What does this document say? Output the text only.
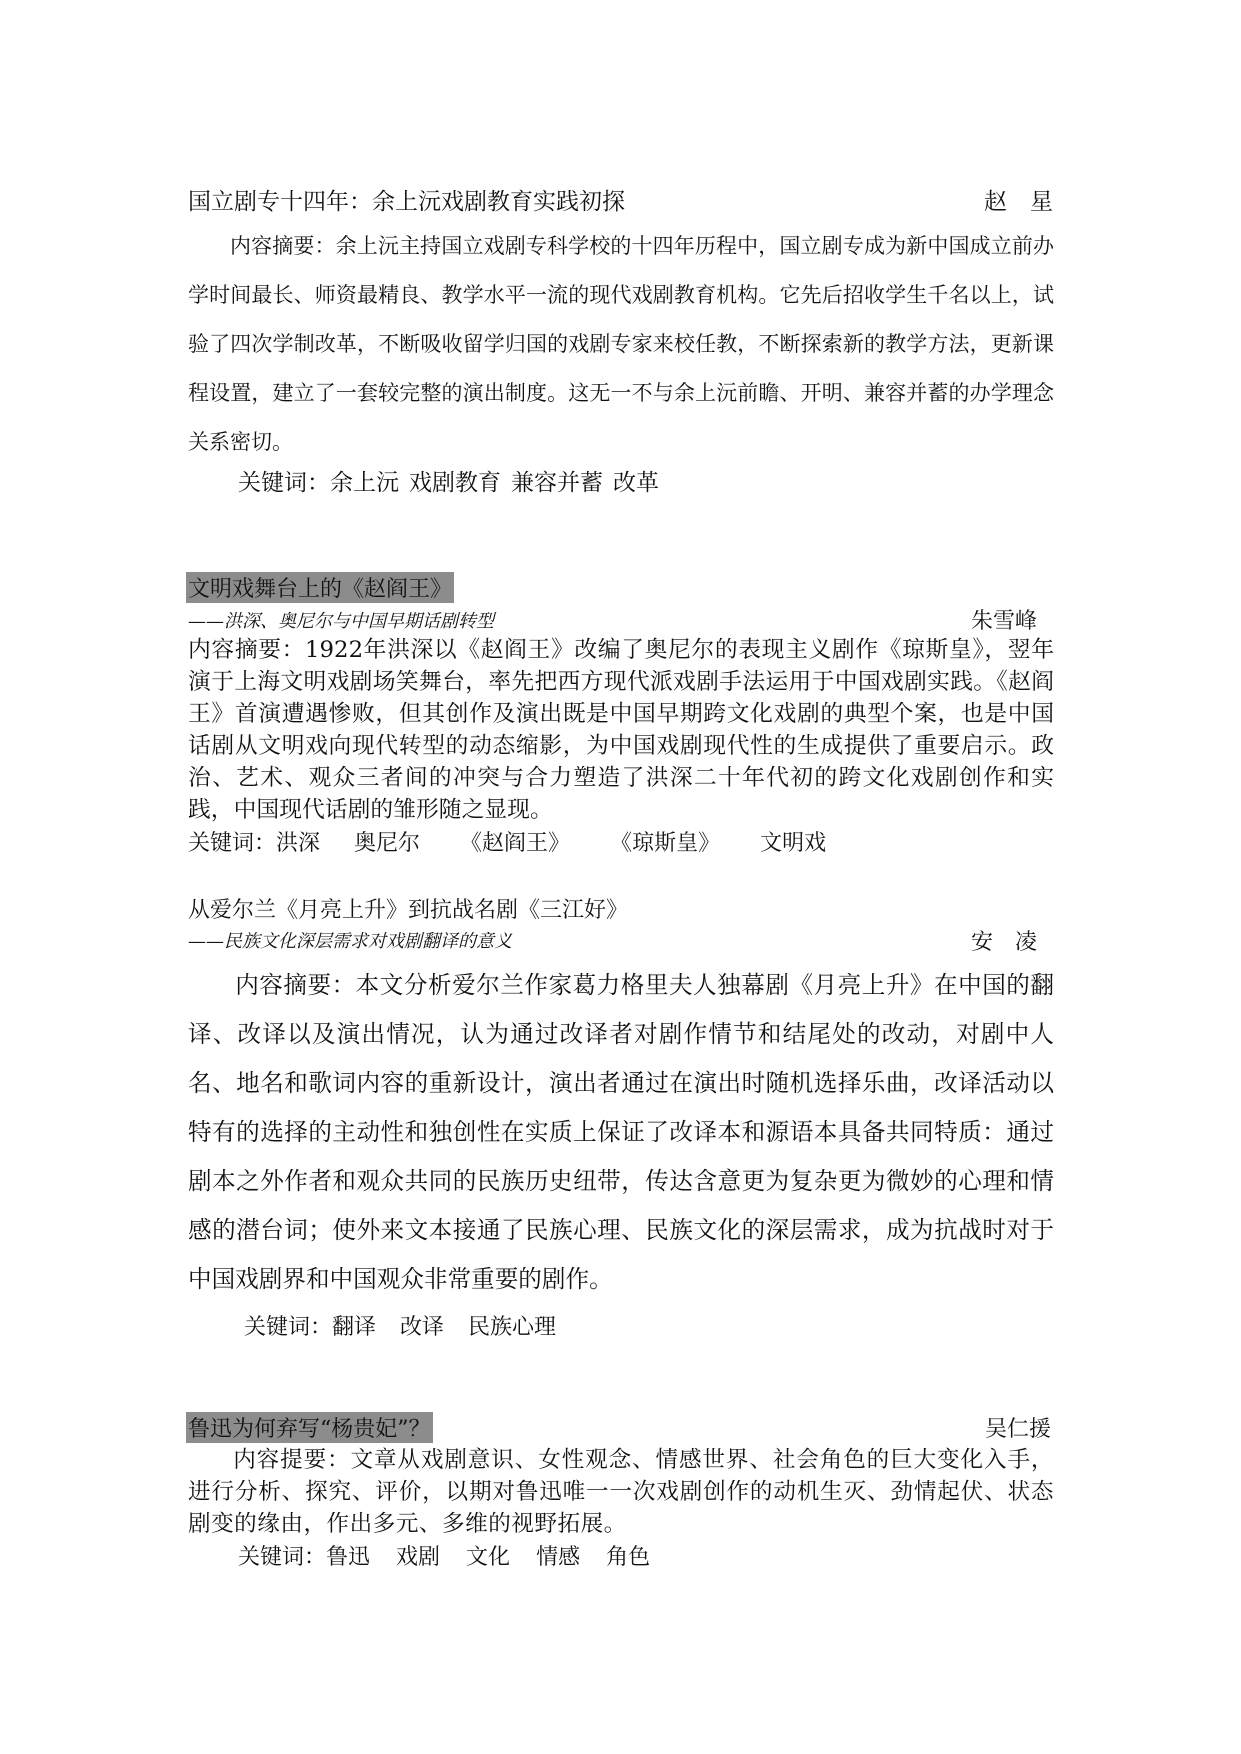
国立剧专十四年：余上沅戏剧教育实践初探	赵　星
内容摘要：余上沅主持国立戏剧专科学校的十四年历程中，国立剧专成为新中国成立前办学时间最长、师资最精良、教学水平一流的现代戏剧教育机构。它先后招收学生千名以上，试验了四次学制改革，不断吸收留学归国的戏剧专家来校任教，不断探索新的教学方法，更新课程设置，建立了一套较完整的演出制度。这无一不与余上沅前瞻、开明、兼容并蓄的办学理念关系密切。
关键词：余上沅 戏剧教育 兼容并蓄 改革
文明戏舞台上的《赵阎王》
——洪深、奥尼尔与中国早期话剧转型	朱雪峰
内容摘要：1922年洪深以《赵阎王》改编了奥尼尔的表现主义剧作《琼斯皇》，翌年演于上海文明戏剧场笑舞台，率先把西方现代派戏剧手法运用于中国戏剧实践。《赵阎王》首演遭遇惨败，但其创作及演出既是中国早期跨文化戏剧的典型个案，也是中国话剧从文明戏向现代转型的动态缩影，为中国戏剧现代性的生成提供了重要启示。政治、艺术、观众三者间的冲突与合力塑造了洪深二十年代初的跨文化戏剧创作和实践，中国现代话剧的雏形随之显现。
关键词：洪深 奥尼尔 《赵阎王》 《琼斯皇》 文明戏
从爱尔兰《月亮上升》到抗战名剧《三江好》
——民族文化深层需求对戏剧翻译的意义	安　凌
内容摘要：本文分析爱尔兰作家葛力格里夫人独幕剧《月亮上升》在中国的翻译、改译以及演出情况，认为通过改译者对剧作情节和结尾处的改动，对剧中人名、地名和歌词内容的重新设计，演出者通过在演出时随机选择乐曲，改译活动以特有的选择的主动性和独创性在实质上保证了改译本和源语本具备共同特质：通过剧本之外作者和观众共同的民族历史纽带，传达含意更为复杂更为微妙的心理和情感的潜台词；使外来文本接通了民族心理、民族文化的深层需求，成为抗战时对于中国戏剧界和中国观众非常重要的剧作。
关键词：翻译 改译 民族心理
鲁迅为何弃写“杨贵妃”？	吴仁援
内容提要：文章从戏剧意识、女性观念、情感世界、社会角色的巨大变化入手，进行分析、探究、评价，以期对鲁迅唯一一次戏剧创作的动机生灭、劲情起伏、状态剧变的缘由，作出多元、多维的视野拓展。
关键词：鲁迅 戏剧 文化 情感 角色
